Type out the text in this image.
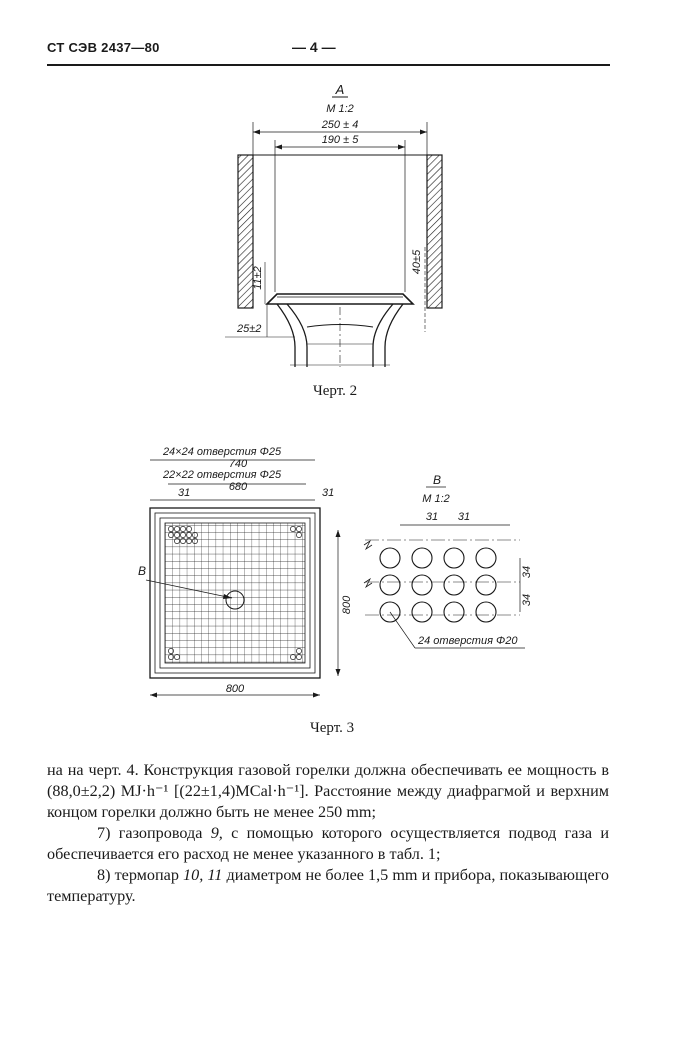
СТ СЭВ 2437—80	— 4 —
A
М 1:2
250 ± 4
190 ± 5
11±2
40±5
25±2
Черт. 2
24×24 отверстия Φ25
740
22×22 отверстия Φ25
680
31	31
B
800
800
B
М 1:2
31 31
34
34
24 отверстия Φ20
Черт. 3

на на черт. 4. Конструкция газовой горелки должна обеспечивать ее мощность в (88,0±2,2) MJ·h⁻¹ [(22±1,4)MCal·h⁻¹]. Расстояние между диафрагмой и верхним концом горелки должно быть не менее 250 mm;

7) газопровода 9, с помощью которого осуществляется подвод газа и обеспечивается его расход не менее указанного в табл. 1;

8) термопар 10, 11 диаметром не более 1,5 mm и прибора, показывающего температуру.
